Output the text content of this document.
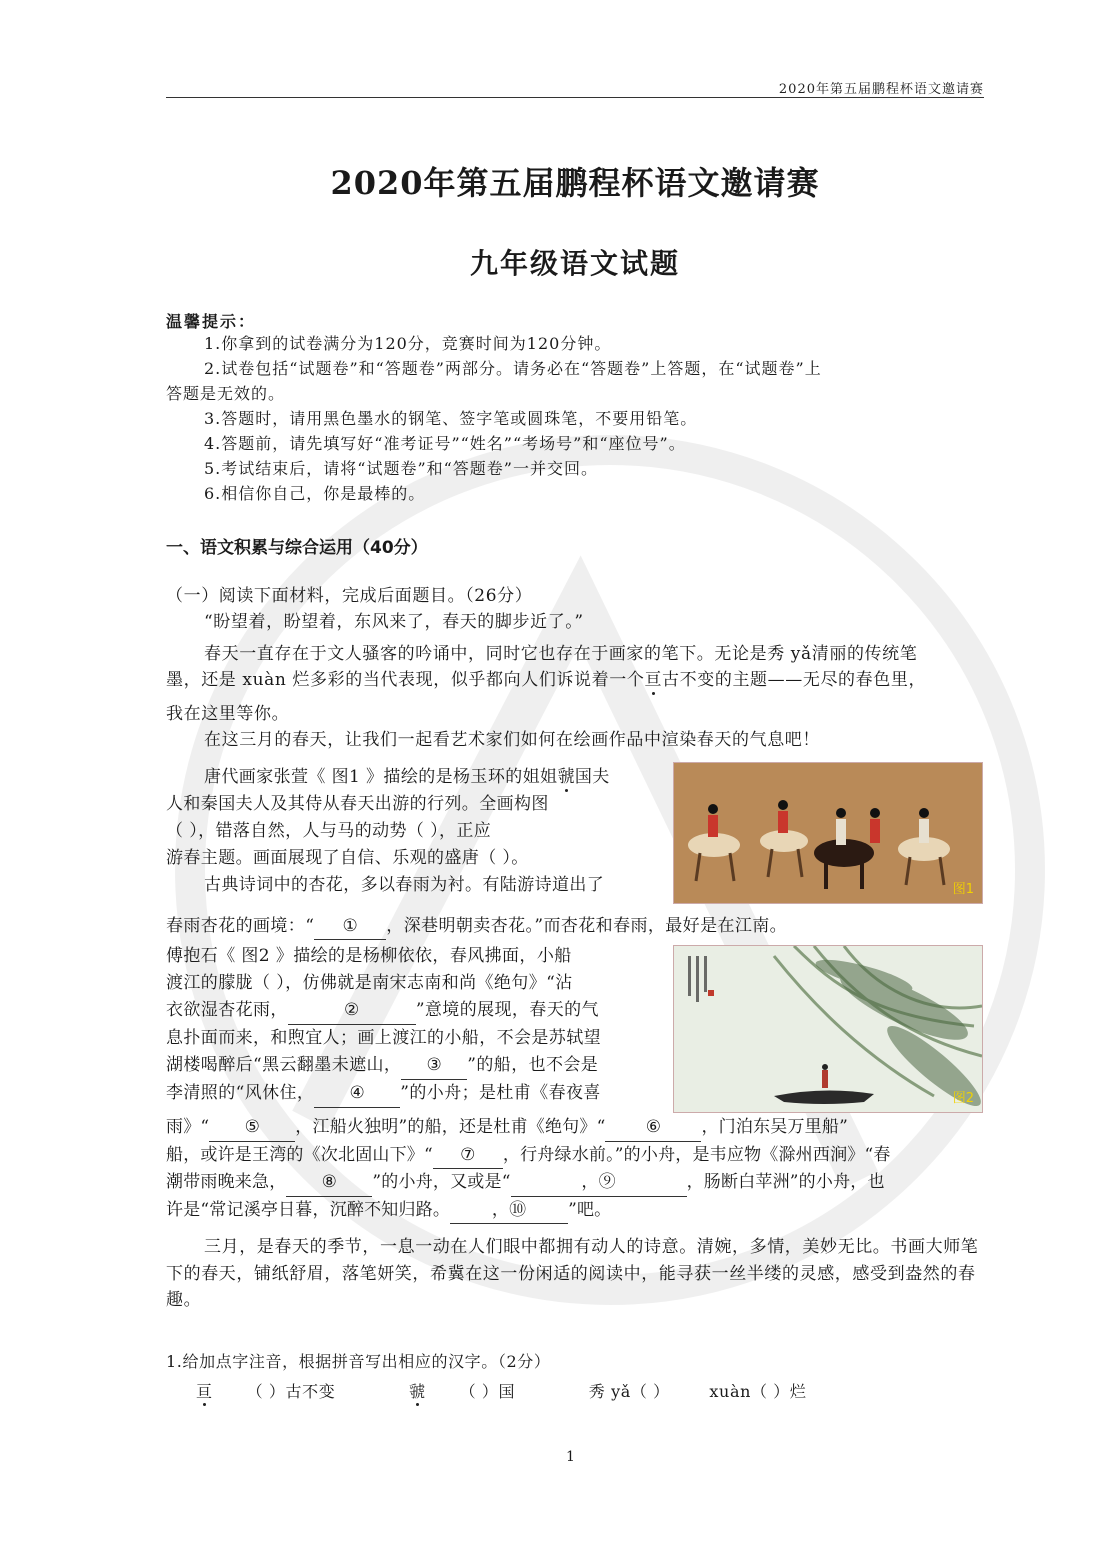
2020年第五届鹏程杯语文邀请赛
2020年第五届鹏程杯语文邀请赛
九年级语文试题
温馨提示：

1.你拿到的试卷满分为120分，竞赛时间为120分钟。

2.试卷包括“试题卷”和“答题卷”两部分。请务必在“答题卷”上答题，在“试题卷”上

答题是无效的。

3.答题时，请用黑色墨水的钢笔、签字笔或圆珠笔，不要用铅笔。

4.答题前，请先填写好“准考证号”“姓名”“考场号”和“座位号”。

5.考试结束后，请将“试题卷”和“答题卷”一并交回。

6.相信你自己，你是最棒的。

一、语文积累与综合运用（40分）
（一）阅读下面材料，完成后面题目。（26分）
“盼望着，盼望着，东风来了，春天的脚步近了。”

春天一直存在于文人骚客的吟诵中，同时它也存在于画家的笔下。无论是秀 yǎ清丽的传统笔

墨，还是 xuàn 烂多彩的当代表现，似乎都向人们诉说着一个亘古不变的主题——无尽的春色里，

我在这里等你。

在这三月的春天，让我们一起看艺术家们如何在绘画作品中渲染春天的气息吧！

唐代画家张萱《 图1 》描绘的是杨玉环的姐姐虢国夫

人和秦国夫人及其侍从春天出游的行列。全画构图

（ ），错落自然，人与马的动势（ ），正应

游春主题。画面展现了自信、乐观的盛唐（ ）。

古典诗词中的杏花，多以春雨为衬。有陆游诗道出了

春雨杏花的画境：“ ① ，深巷明朝卖杏花。”而杏花和春雨，最好是在江南。

傅抱石《 图2 》描绘的是杨柳依依，春风拂面，小船

渡江的朦胧（ ），仿佛就是南宋志南和尚《绝句》“沾

衣欲湿杏花雨，	②	”意境的展现，春天的气

息扑面而来，和煦宜人；画上渡江的小船，不会是苏轼望

湖楼喝醉后“黑云翻墨未遮山， ③ ”的船，也不会是

李清照的“风休住， ④ ”的小舟；是杜甫《春夜喜

雨》“ ⑤ ，江船火独明”的船，还是杜甫《绝句》“ ⑥ ，门泊东吴万里船”

船，或许是王湾的《次北固山下》“ ⑦ ，行舟绿水前。”的小舟，是韦应物《滁州西涧》“春

潮带雨晚来急， ⑧ ”的小舟，又或是“	，⑨	，肠断白苹洲”的小舟，也

许是“常记溪亭日暮，沉醉不知归路。 ，⑩ ”吧。

三月，是春天的季节，一息一动在人们眼中都拥有动人的诗意。清婉，多情，美妙无比。书画大师笔下的春天，铺纸舒眉，落笔妍笑，希冀在这一份闲适的阅读中，能寻获一丝半缕的灵感，感受到盎然的春趣。

1.给加点字注音，根据拼音写出相应的汉字。（2分）
亘 （ ）古不变	虢 （ ）国	秀 yǎ（ ） xuàn（ ）烂
1
图1
图2
